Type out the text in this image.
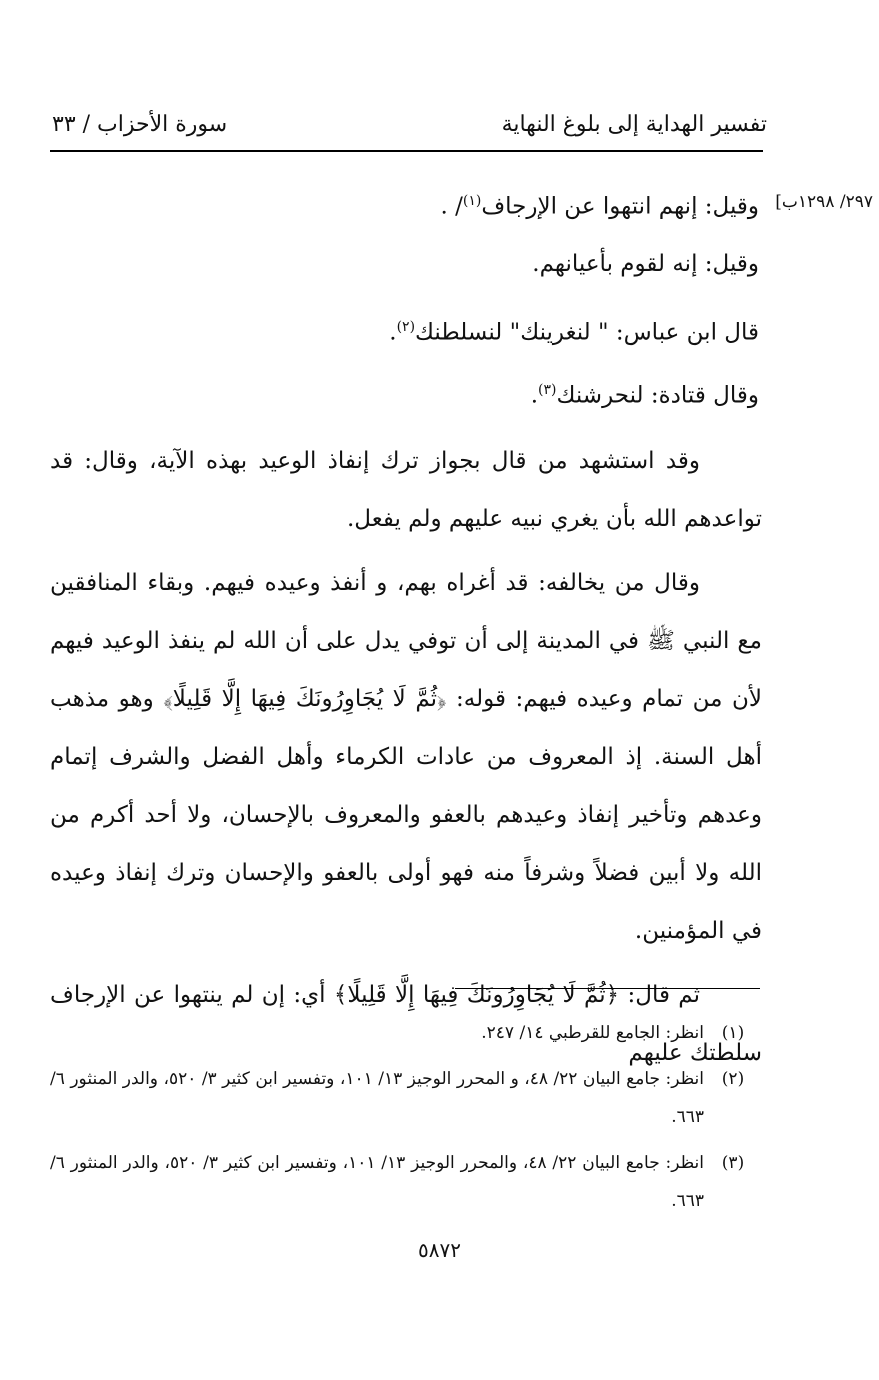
تفسير الهداية إلى بلوغ النهاية
سورة الأحزاب / ٣٣
٢٩٧/ ١٢٩٨ب]
وقيل: إنهم انتهوا عن الإرجاف$^{(١)}$/ .
وقيل: إنه لقوم بأعيانهم.
قال ابن عباس: " لنغرينك" لنسلطنك$^{(٢)}$.
وقال قتادة: لنحرشنك$^{(٣)}$.

وقد استشهد من قال بجواز ترك إنفاذ الوعيد بهذه الآية، وقال: قد تواعدهم الله بأن يغري نبيه عليهم ولم يفعل.

وقال من يخالفه: قد أغراه بهم، و أنفذ وعيده فيهم. وبقاء المنافقين مع النبي ﷺ في المدينة إلى أن توفي يدل على أن الله لم ينفذ الوعيد فيهم لأن من تمام وعيده فيهم: قوله: ﴿ثُمَّ لَا يُجَاوِرُونَكَ فِيهَا إِلَّا قَلِيلًا﴾ وهو مذهب أهل السنة. إذ المعروف من عادات الكرماء وأهل الفضل والشرف إتمام وعدهم وتأخير إنفاذ وعيدهم بالعفو والمعروف بالإحسان، ولا أحد أكرم من الله ولا أبين فضلاً وشرفاً منه فهو أولى بالعفو والإحسان وترك إنفاذ وعيده في المؤمنين.

ثم قال: ﴿ثُمَّ لَا يُجَاوِرُونَكَ فِيهَا إِلَّا قَلِيلًا﴾ أي: إن لم ينتهوا عن الإرجاف سلطتك عليهم

(١)
انظر: الجامع للقرطبي ١٤/ ٢٤٧.
(٢)
انظر: جامع البيان ٢٢/ ٤٨، و المحرر الوجيز ١٣/ ١٠١، وتفسير ابن كثير ٣/ ٥٢٠، والدر المنثور ٦/ ٦٦٣.
(٣)
انظر: جامع البيان ٢٢/ ٤٨، والمحرر الوجيز ١٣/ ١٠١، وتفسير ابن كثير ٣/ ٥٢٠، والدر المنثور ٦/ ٦٦٣.
٥٨٧٢
